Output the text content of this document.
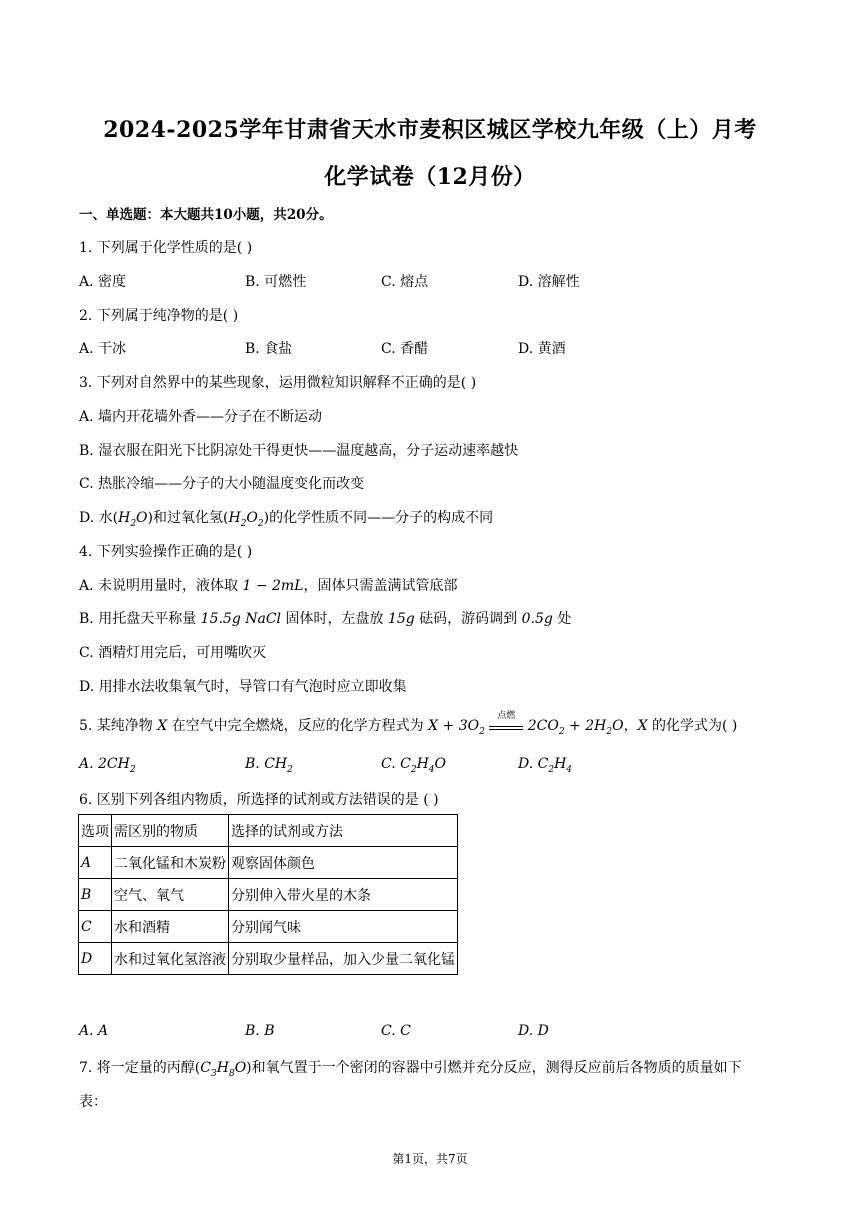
2024-2025学年甘肃省天水市麦积区城区学校九年级（上）月考
化学试卷（12月份）
一、单选题：本大题共10小题，共20分。
1. 下列属于化学性质的是( )
A. 密度	B. 可燃性	C. 熔点	D. 溶解性
2. 下列属于纯净物的是( )
A. 干冰	B. 食盐	C. 香醋	D. 黄酒
3. 下列对自然界中的某些现象，运用微粒知识解释不正确的是( )
A. 墙内开花墙外香——分子在不断运动
B. 湿衣服在阳光下比阴凉处干得更快——温度越高，分子运动速率越快
C. 热胀冷缩——分子的大小随温度变化而改变
D. 水$(H_2O)$和过氧化氢$(H_2O_2)$的化学性质不同——分子的构成不同
4. 下列实验操作正确的是( )
A. 未说明用量时，液体取 1 − 2mL，固体只需盖满试管底部
B. 用托盘天平称量 15.5g NaCl 固体时，左盘放 15g 砝码，游码调到 0.5g 处
C. 酒精灯用完后，可用嘴吹灭
D. 用排水法收集氧气时，导管口有气泡时应立即收集
5. 某纯净物 X 在空气中完全燃烧，反应的化学方程式为 $X + 3O_2$
点燃
$2CO_2 + 2H_2O$，X 的化学式为( )
A. $2CH_2$	B. $CH_2$	C. $C_2H_4O$	D. $C_2H_4$
6. 区别下列各组内物质，所选择的试剂或方法错误的是 ( )
选项	需区别的物质	选择的试剂或方法
A	二氧化锰和木炭粉	观察固体颜色
B	空气、氧气	分别伸入带火星的木条
C	水和酒精	分别闻气味
D	水和过氧化氢溶液	分别取少量样品，加入少量二氧化锰
A. A	B. B	C. C	D. D
7. 将一定量的丙醇$(C_3H_8O)$和氧气置于一个密闭的容器中引燃并充分反应，测得反应前后各物质的质量如下
表：
第1页，共7页
